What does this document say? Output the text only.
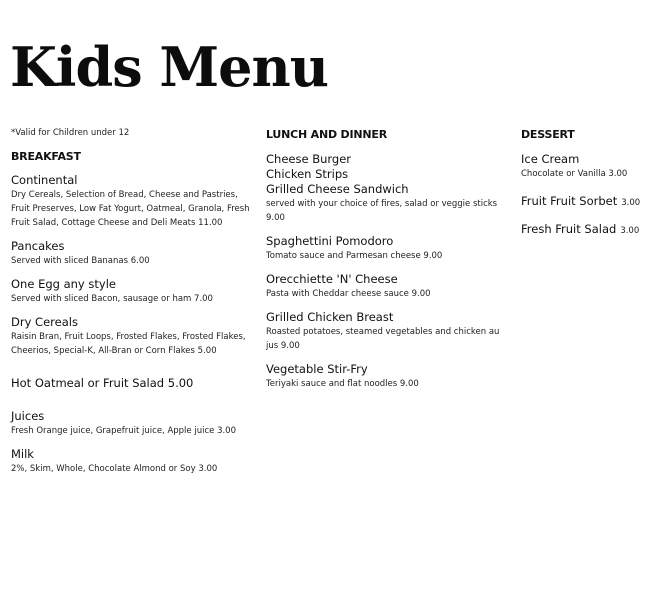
Kids Menu
*Valid for Children under 12
BREAKFAST
Continental
Dry Cereals, Selection of Bread, Cheese and Pastries, Fruit Preserves, Low Fat Yogurt, Oatmeal, Granola, Fresh Fruit Salad, Cottage Cheese and Deli Meats 11.00
Pancakes
Served with sliced Bananas 6.00
One Egg any style
Served with sliced Bacon, sausage or ham 7.00
Dry Cereals
Raisin Bran, Fruit Loops, Frosted Flakes, Frosted Flakes, Cheerios, Special-K, All-Bran or Corn Flakes 5.00
Hot Oatmeal or Fruit Salad 5.00
Juices
Fresh Orange juice, Grapefruit juice, Apple juice 3.00
Milk
2%, Skim, Whole, Chocolate Almond or Soy 3.00
LUNCH AND DINNER
Cheese Burger
Chicken Strips
Grilled Cheese Sandwich
served with your choice of fires, salad or veggie sticks 9.00
Spaghettini Pomodoro
Tomato sauce and Parmesan cheese 9.00
Orecchiette 'N' Cheese
Pasta with Cheddar cheese sauce 9.00
Grilled Chicken Breast
Roasted potatoes, steamed vegetables and chicken au jus 9.00
Vegetable Stir-Fry
Teriyaki sauce and flat noodles 9.00
DESSERT
Ice Cream
Chocolate or Vanilla 3.00
Fruit Fruit Sorbet 3.00
Fresh Fruit Salad 3.00
